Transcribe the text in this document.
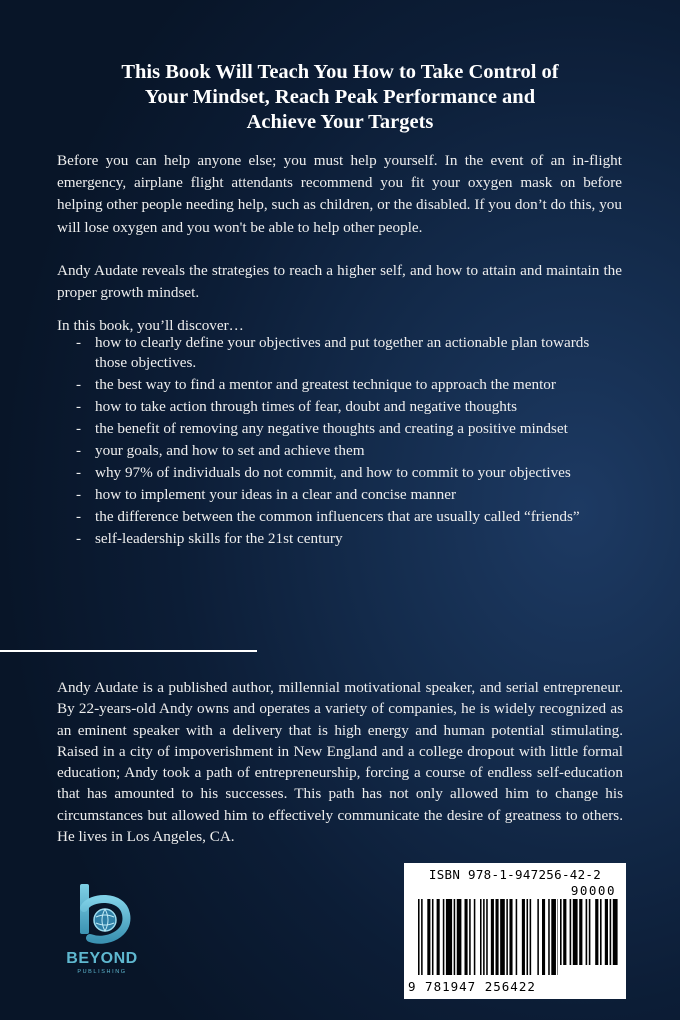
This Book Will Teach You How to Take Control of
Your Mindset, Reach Peak Performance and
Achieve Your Targets

Before you can help anyone else; you must help yourself. In the event of an in-flight emergency, airplane flight attendants recommend you fit your oxygen mask on before helping other people needing help, such as children, or the disabled. If you don’t do this, you will lose oxygen and you won't be able to help other people.

Andy Audate reveals the strategies to reach a higher self, and how to attain and maintain the proper growth mindset.

In this book, you’ll discover…

- how to clearly define your objectives and put together an actionable plan towards those objectives.
- the best way to find a mentor and greatest technique to approach the mentor
- how to take action through times of fear, doubt and negative thoughts
- the benefit of removing any negative thoughts and creating a positive mindset
- your goals, and how to set and achieve them
- why 97% of individuals do not commit, and how to commit to your objectives
- how to implement your ideas in a clear and concise manner
- the difference between the common influencers that are usually called “friends”
- self-leadership skills for the 21st century

Andy Audate is a published author, millennial motivational speaker, and serial entrepreneur. By 22-years-old Andy owns and operates a variety of companies, he is widely recognized as an eminent speaker with a delivery that is high energy and human potential stimulating. Raised in a city of impoverishment in New England and a college dropout with little formal education; Andy took a path of entrepreneurship, forcing a course of endless self-education that has amounted to his successes. This path has not only allowed him to change his circumstances but allowed him to effectively communicate the desire of greatness to others. He lives in Los Angeles, CA.

BEYOND
PUBLISHING
ISBN 978-1-947256-42-2
90000
9 781947 256422
